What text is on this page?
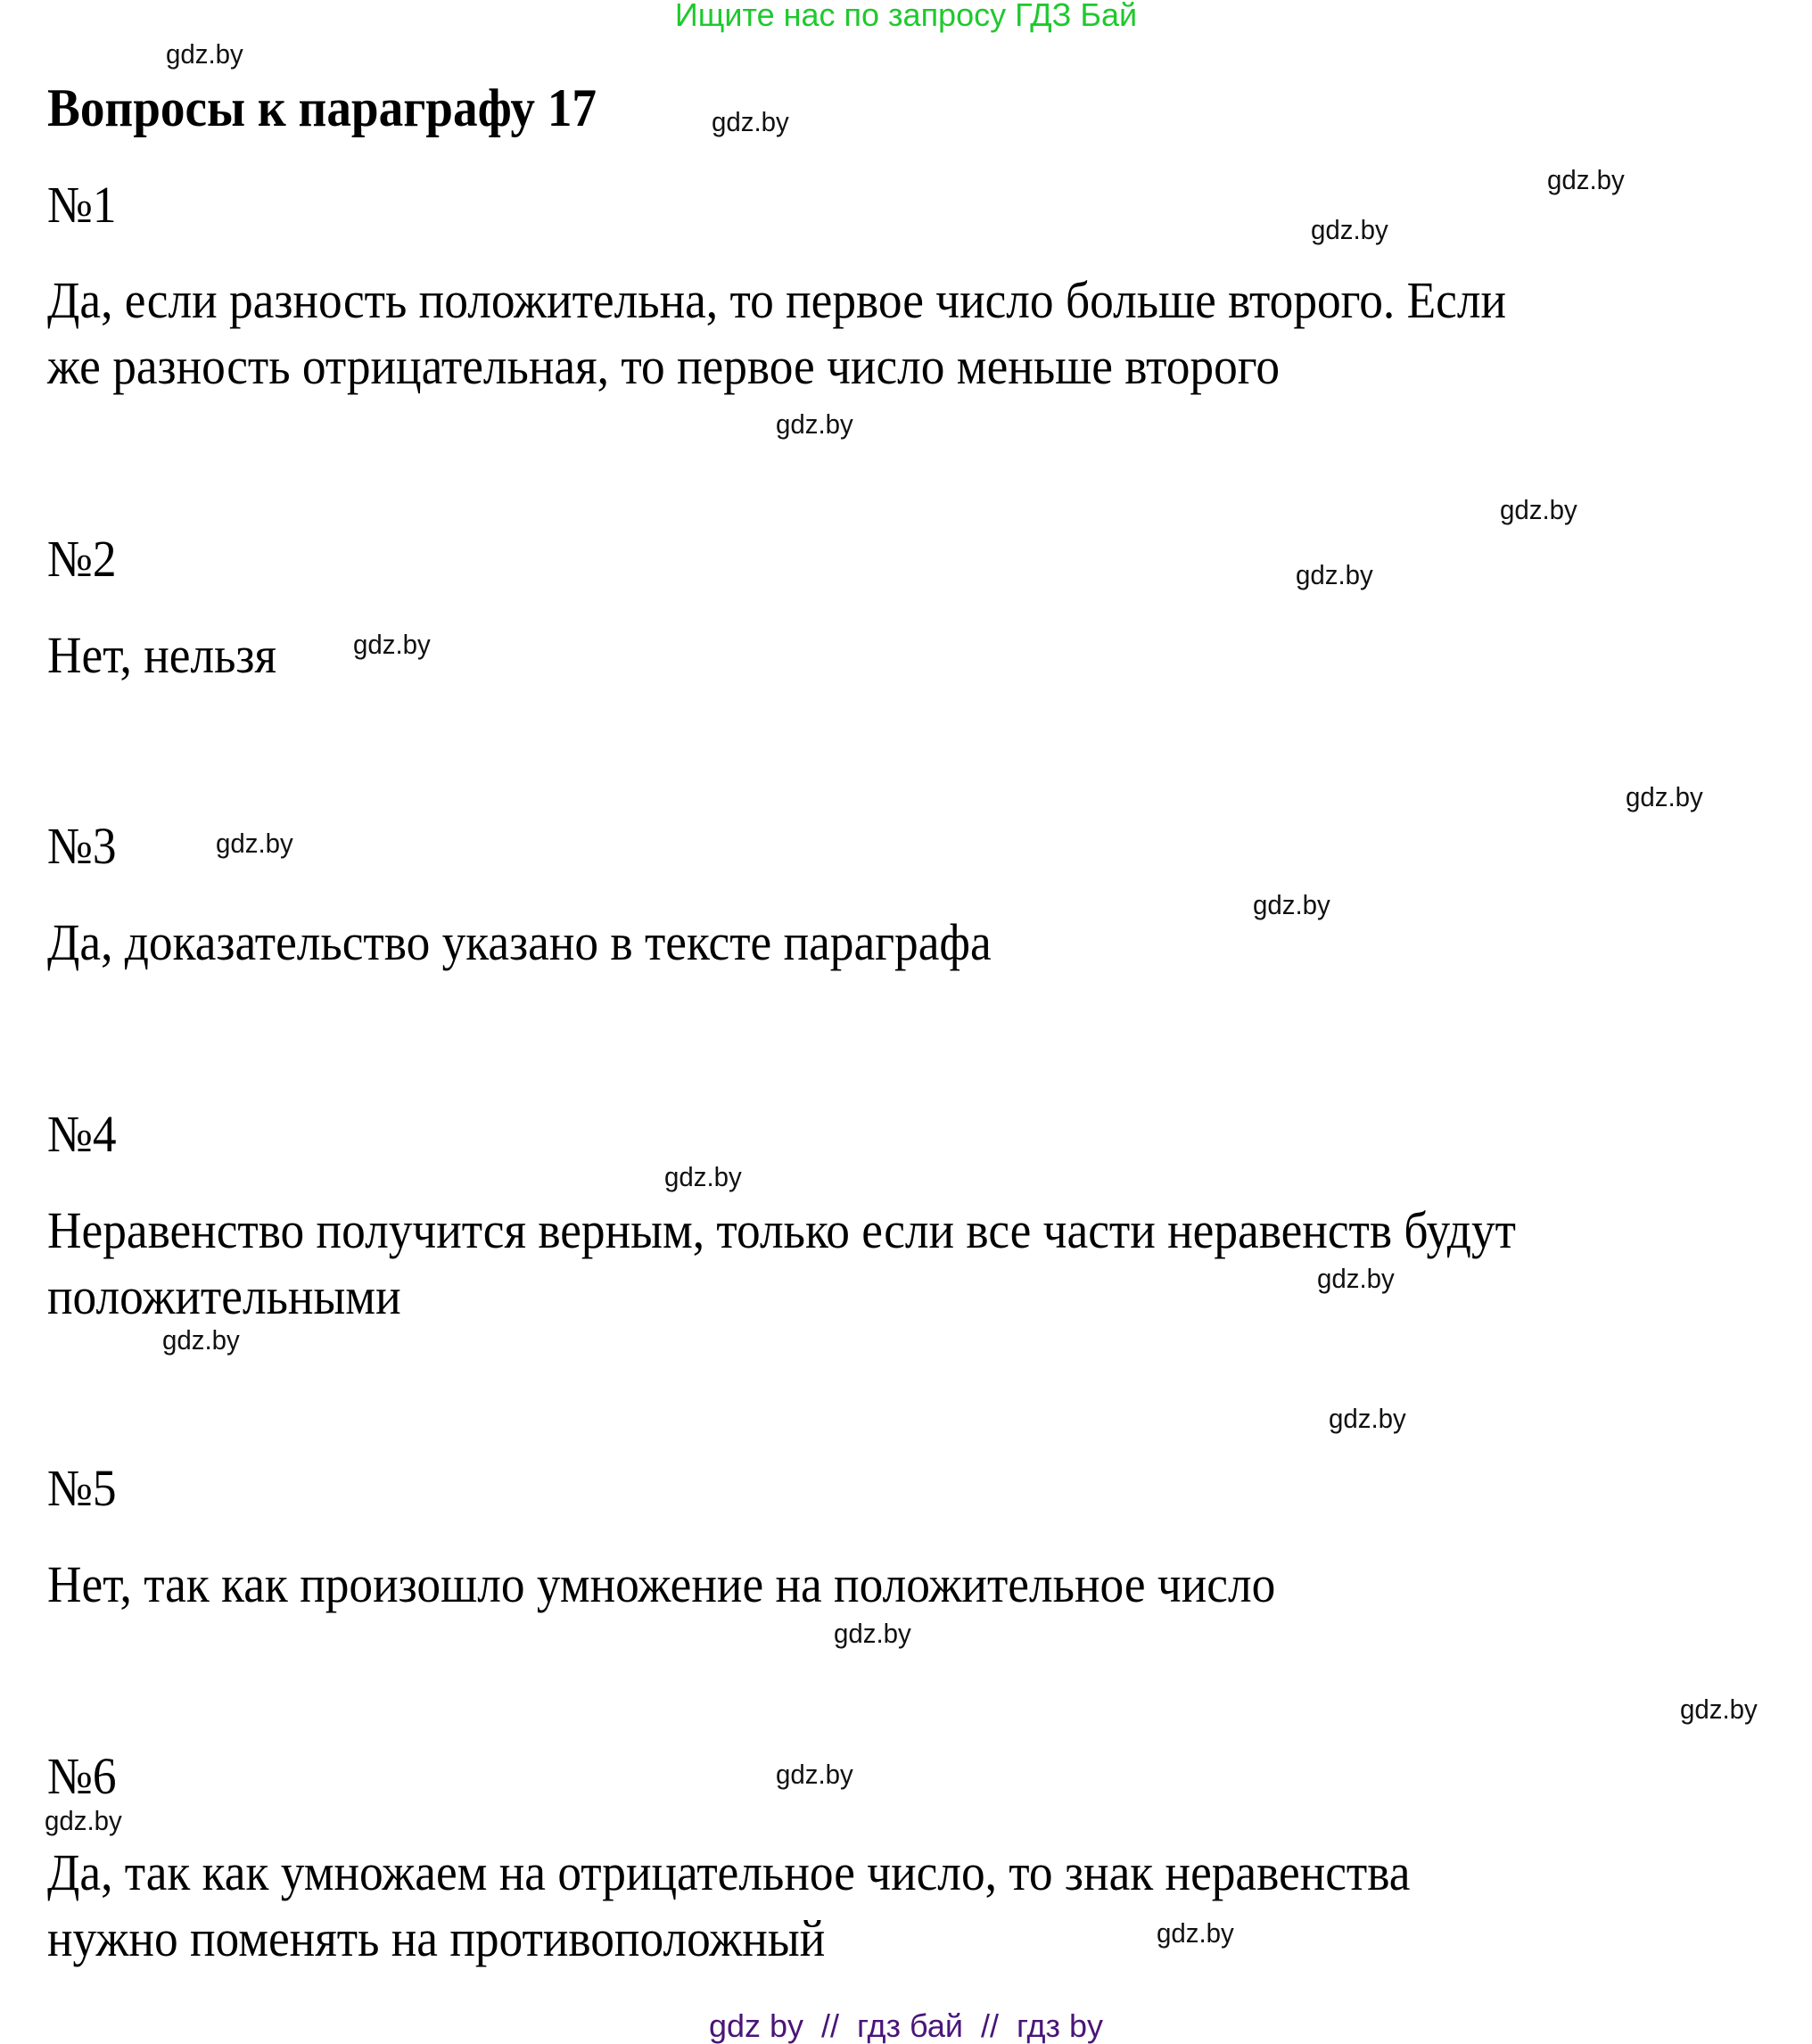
Ищите нас по запросу ГДЗ Бай
Вопросы к параграфу 17
№1
Да, если разность положительна, то первое число больше второго. Если
же разность отрицательная, то первое число меньше второго
№2
Нет, нельзя
№3
Да, доказательство указано в тексте параграфа
№4
Неравенство получится верным, только если все части неравенств будут
положительными
№5
Нет, так как произошло умножение на положительное число
№6
Да, так как умножаем на отрицательное число, то знак неравенства
нужно поменять на противоположный
gdz.by
gdz.by
gdz.by
gdz.by
gdz.by
gdz.by
gdz.by
gdz.by
gdz.by
gdz.by
gdz.by
gdz.by
gdz.by
gdz.by
gdz.by
gdz.by
gdz.by
gdz.by
gdz.by
gdz.by
gdz by  //  гдз бай  //  гдз by
